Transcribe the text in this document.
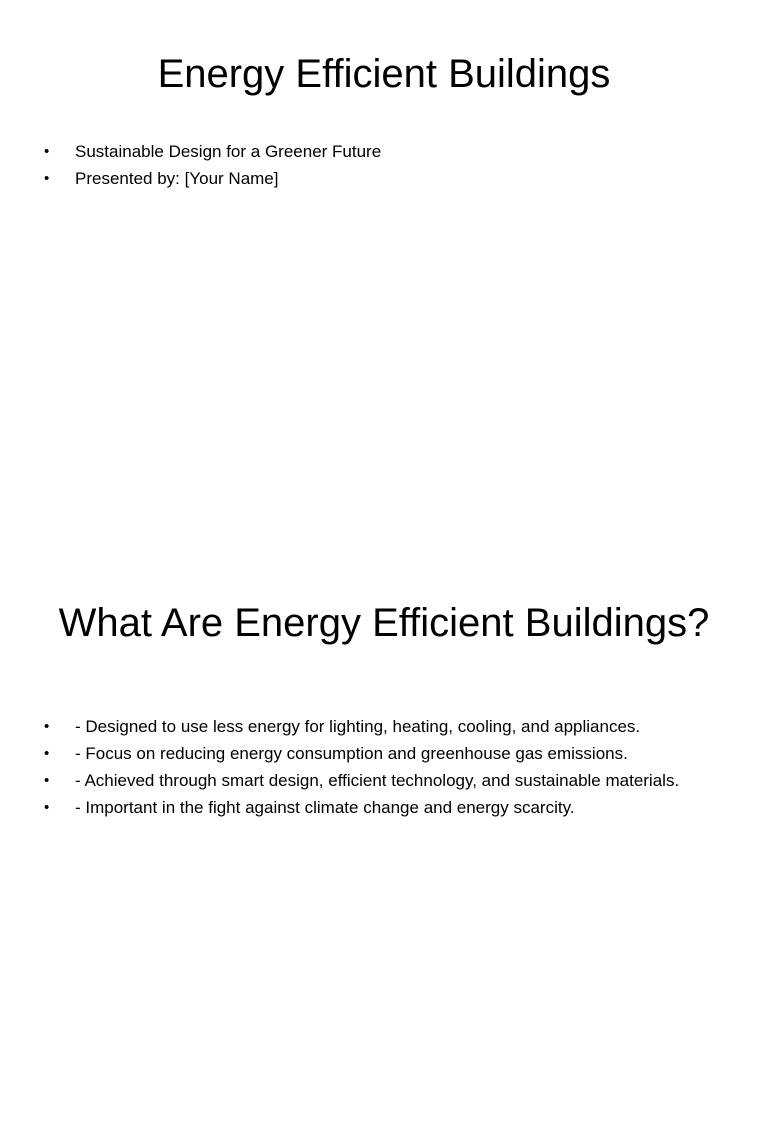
Energy Efficient Buildings
• Sustainable Design for a Greener Future
• Presented by: [Your Name]
What Are Energy Efficient Buildings?
• - Designed to use less energy for lighting, heating, cooling, and appliances.
• - Focus on reducing energy consumption and greenhouse gas emissions.
• - Achieved through smart design, efficient technology, and sustainable materials.
• - Important in the fight against climate change and energy scarcity.
